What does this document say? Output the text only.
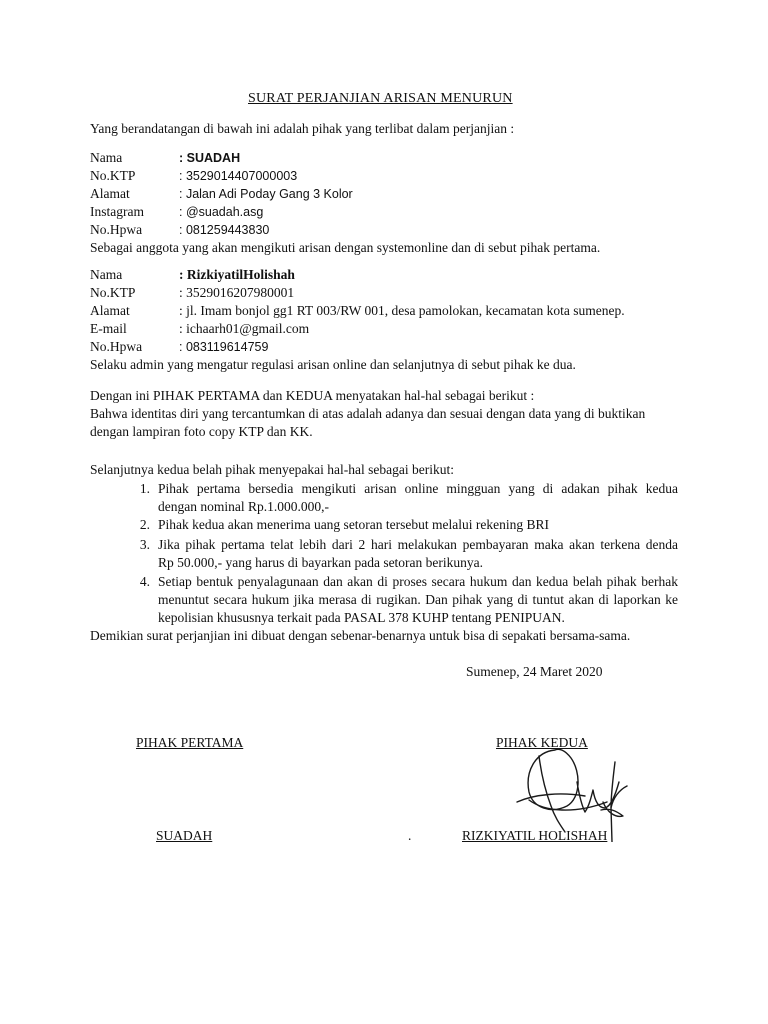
SURAT PERJANJIAN ARISAN MENURUN
Yang berandatangan di bawah ini adalah pihak yang terlibat dalam perjanjian :
Nama	: SUADAH
No.KTP	: 3529014407000003
Alamat	: Jalan Adi Poday Gang 3 Kolor
Instagram	: @suadah.asg
No.Hpwa	: 081259443830
Sebagai anggota yang akan mengikuti arisan dengan systemonline dan di sebut pihak pertama.
Nama	: RizkiyatilHolishah
No.KTP	: 3529016207980001
Alamat	: jl. Imam bonjol gg1 RT 003/RW 001, desa pamolokan, kecamatan kota sumenep.
E-mail	: ichaarh01@gmail.com
No.Hpwa	: 083119614759
Selaku admin yang mengatur regulasi arisan online dan selanjutnya di sebut pihak ke dua.
Dengan ini PIHAK PERTAMA dan KEDUA menyatakan hal-hal sebagai berikut :
Bahwa identitas diri yang tercantumkan di atas adalah adanya dan sesuai dengan data yang di buktikan
dengan lampiran foto copy KTP dan KK.
Selanjutnya kedua belah pihak menyepakai hal-hal sebagai berikut:
1. Pihak pertama bersedia mengikuti arisan online mingguan yang di adakan pihak kedua
dengan nominal Rp.1.000.000,-
2. Pihak kedua akan menerima uang setoran tersebut melalui rekening BRI
3. Jika pihak pertama telat lebih dari 2 hari melakukan pembayaran maka akan terkena denda
Rp 50.000,- yang harus di bayarkan pada setoran berikunya.
4. Setiap bentuk penyalagunaan dan akan di proses secara hukum dan kedua belah pihak berhak
menuntut secara hukum jika merasa di rugikan. Dan pihak yang di tuntut akan di laporkan ke
kepolisian khususnya terkait pada PASAL 378 KUHP tentang PENIPUAN.
Demikian surat perjanjian ini dibuat dengan sebenar-benarnya untuk bisa di sepakati bersama-sama.
Sumenep, 24 Maret 2020
PIHAK PERTAMA	PIHAK KEDUA
SUADAH	.	RIZKIYATIL HOLISHAH
